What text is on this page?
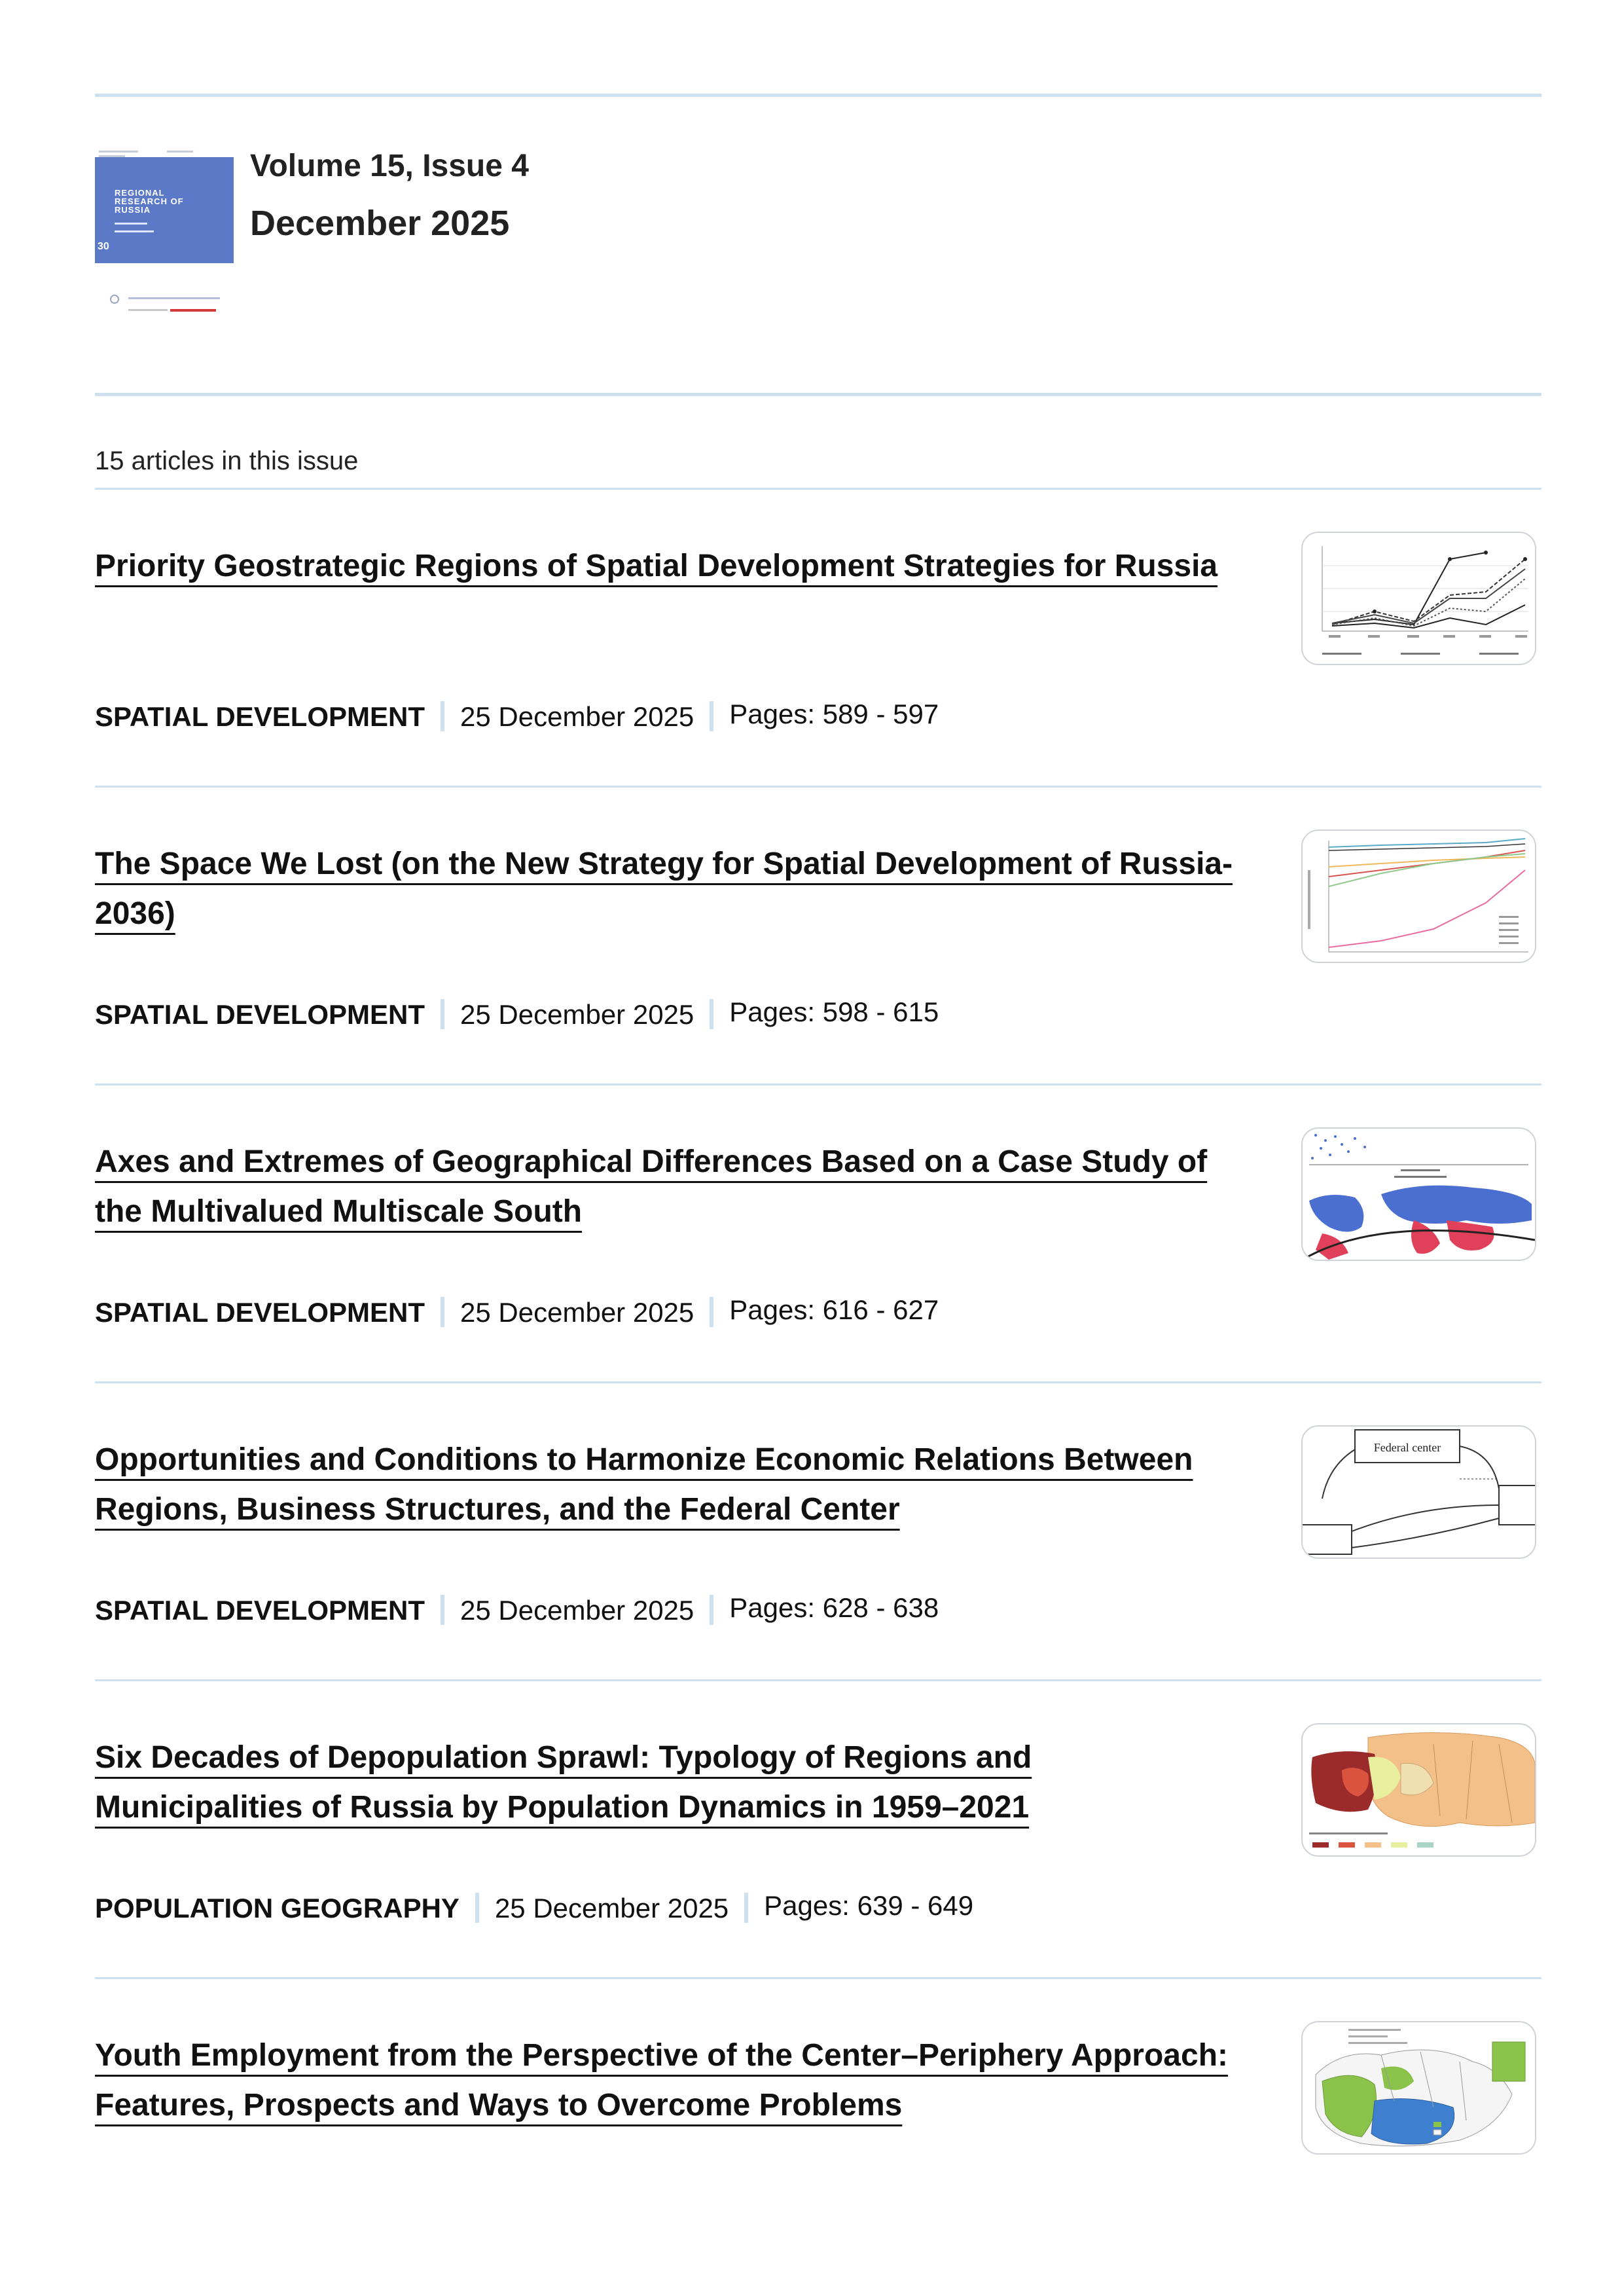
REGIONAL RESEARCH OF RUSSIA
30
Volume 15, Issue 4
December 2025
15 articles in this issue
Priority Geostrategic Regions of Spatial Development Strategies for Russia
SPATIAL DEVELOPMENT 25 December 2025 Pages: 589 - 597
The Space We Lost (on the New Strategy for Spatial Development of Russia-2036)
SPATIAL DEVELOPMENT 25 December 2025 Pages: 598 - 615
Axes and Extremes of Geographical Differences Based on a Case Study of the Multivalued Multiscale South
SPATIAL DEVELOPMENT 25 December 2025 Pages: 616 - 627
Opportunities and Conditions to Harmonize Economic Relations Between Regions, Business Structures, and the Federal Center
SPATIAL DEVELOPMENT 25 December 2025 Pages: 628 - 638
Federal center
Six Decades of Depopulation Sprawl: Typology of Regions and Municipalities of Russia by Population Dynamics in 1959–2021
POPULATION GEOGRAPHY 25 December 2025 Pages: 639 - 649
Youth Employment from the Perspective of the Center–Periphery Approach: Features, Prospects and Ways to Overcome Problems
